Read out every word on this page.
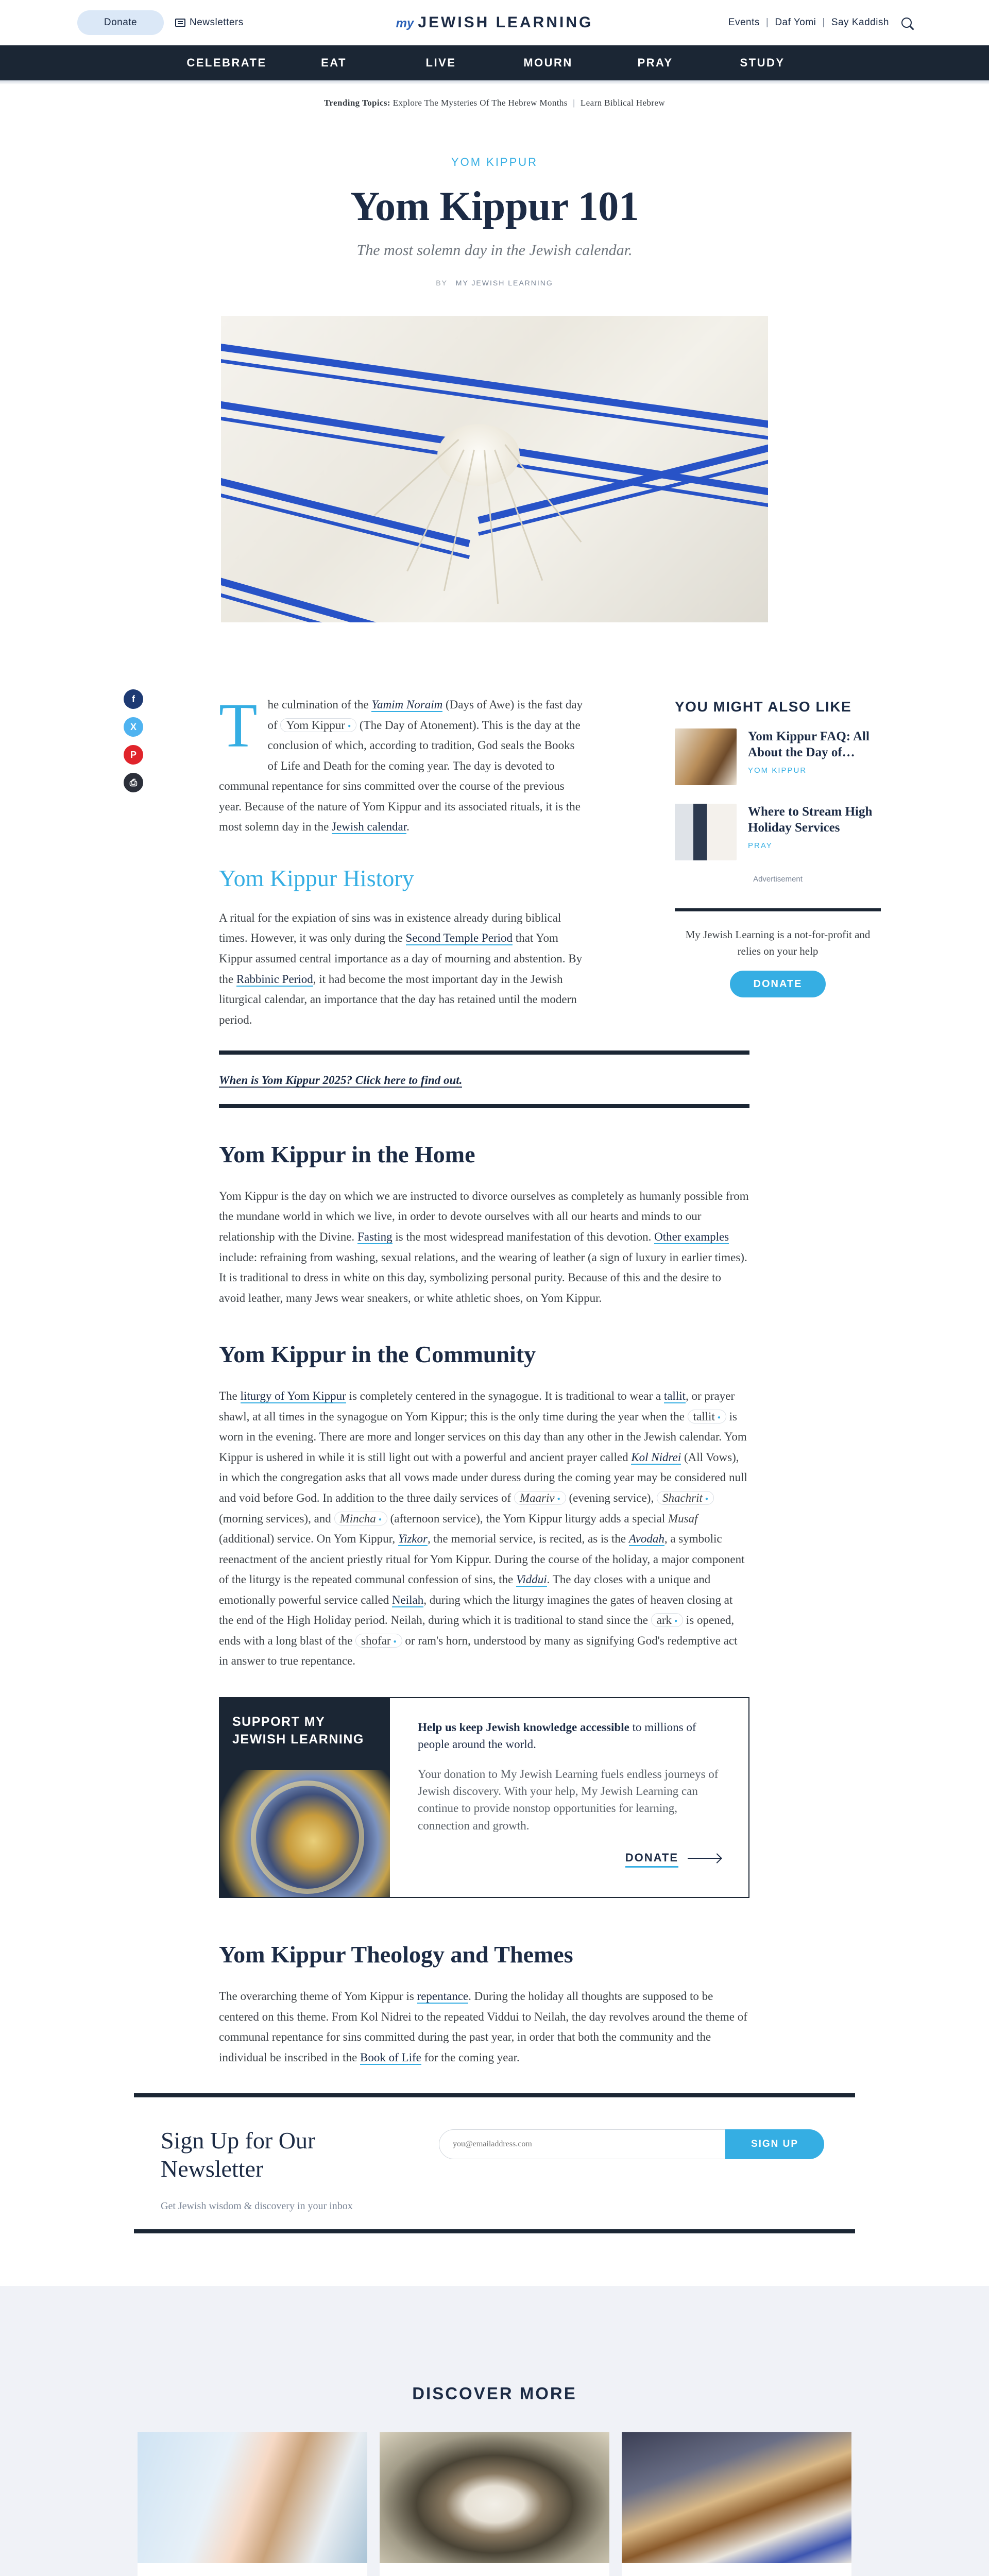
Donate	Newsletters	my JEWISH LEARNING	Events | Daf Yomi | Say Kaddish
CELEBRATE	EAT	LIVE	MOURN	PRAY	STUDY
Trending Topics: Explore The Mysteries Of The Hebrew Months | Learn Biblical Hebrew
YOM KIPPUR
Yom Kippur 101
The most solemn day in the Jewish calendar.
BY MY JEWISH LEARNING
f
X
P
⎙
YOU MIGHT ALSO LIKE
Yom Kippur FAQ: All About the Day of…
YOM KIPPUR
Where to Stream High Holiday Services
PRAY
Advertisement
My Jewish Learning is a not-for-profit and relies on your help
DONATE

The culmination of the Yamim Noraim (Days of Awe) is the fast day of Yom Kippur ● (The Day of Atonement). This is the day at the conclusion of which, according to tradition, God seals the Books of Life and Death for the coming year. The day is devoted to communal repentance for sins committed over the course of the previous year. Because of the nature of Yom Kippur and its associated rituals, it is the most solemn day in the Jewish calendar.

Yom Kippur History

A ritual for the expiation of sins was in existence already during biblical times. However, it was only during the Second Temple Period that Yom Kippur assumed central importance as a day of mourning and abstention. By the Rabbinic Period, it had become the most important day in the Jewish liturgical calendar, an importance that the day has retained until the modern period.

When is Yom Kippur 2025? Click here to find out.
Yom Kippur in the Home

Yom Kippur is the day on which we are instructed to divorce ourselves as completely as humanly possible from the mundane world in which we live, in order to devote ourselves with all our hearts and minds to our relationship with the Divine. Fasting is the most widespread manifestation of this devotion. Other examples include: refraining from washing, sexual relations, and the wearing of leather (a sign of luxury in earlier times). It is traditional to dress in white on this day, symbolizing personal purity. Because of this and the desire to avoid leather, many Jews wear sneakers, or white athletic shoes, on Yom Kippur.

Yom Kippur in the Community

The liturgy of Yom Kippur is completely centered in the synagogue. It is traditional to wear a tallit, or prayer shawl, at all times in the synagogue on Yom Kippur; this is the only time during the year when the tallit ● is worn in the evening. There are more and longer services on this day than any other in the Jewish calendar. Yom Kippur is ushered in while it is still light out with a powerful and ancient prayer called Kol Nidrei (All Vows), in which the congregation asks that all vows made under duress during the coming year may be considered null and void before God. In addition to the three daily services of Maariv ● (evening service), Shachrit ● (morning services), and Mincha ● (afternoon service), the Yom Kippur liturgy adds a special Musaf (additional) service. On Yom Kippur, Yizkor, the memorial service, is recited, as is the Avodah, a symbolic reenactment of the ancient priestly ritual for Yom Kippur. During the course of the holiday, a major component of the liturgy is the repeated communal confession of sins, the Viddui. The day closes with a unique and emotionally powerful service called Neilah, during which the liturgy imagines the gates of heaven closing at the end of the High Holiday period. Neilah, during which it is traditional to stand since the ark ● is opened, ends with a long blast of the shofar ● or ram's horn, understood by many as signifying God's redemptive act in answer to true repentance.

SUPPORT MY JEWISH LEARNING
Help us keep Jewish knowledge accessible to millions of people around the world.
Your donation to My Jewish Learning fuels endless journeys of Jewish discovery. With your help, My Jewish Learning can continue to provide nonstop opportunities for learning, connection and growth.
DONATE
Yom Kippur Theology and Themes

The overarching theme of Yom Kippur is repentance. During the holiday all thoughts are supposed to be centered on this theme. From Kol Nidrei to the repeated Viddui to Neilah, the day revolves around the theme of communal repentance for sins committed during the past year, in order that both the community and the individual be inscribed in the Book of Life for the coming year.

Sign Up for Our Newsletter
Get Jewish wisdom & discovery in your inbox
you@emailaddress.com
SIGN UP
DISCOVER MORE
